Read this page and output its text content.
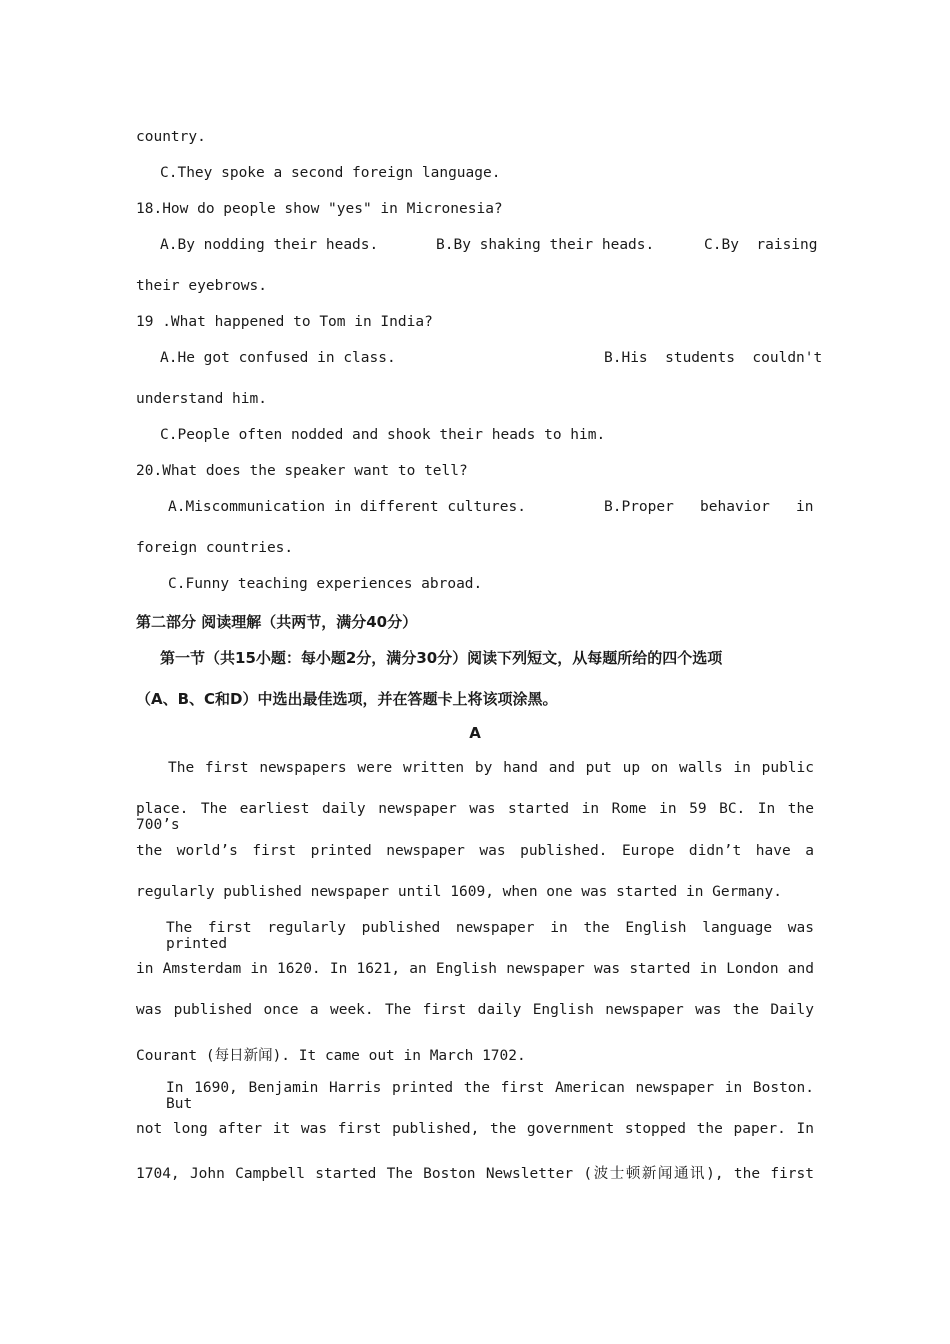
country.
C.They spoke a second foreign language.
18.How do people show "yes" in Micronesia?
A.By nodding their heads.	B.By shaking their heads.	C.By  raising
their eyebrows.
19 .What happened to Tom in India?
A.He got confused in class.	B.His  students  couldn't
understand him.
C.People often nodded and shook their heads to him.
20.What does the speaker want to tell?
A.Miscommunication in different cultures.	B.Proper   behavior   in
foreign countries.
C.Funny teaching experiences abroad.
第二部分 阅读理解（共两节，满分40分）
第一节（共15小题：每小题2分，满分30分）阅读下列短文，从每题所给的四个选项
（A、B、C和D）中选出最佳选项，并在答题卡上将该项涂黑。
A
The first newspapers were written by hand and put up on walls in public
place. The earliest daily newspaper was started in Rome in 59 BC. In the 700’s
the world’s first printed newspaper was published. Europe didn’t have a
regularly published newspaper until 1609, when one was started in Germany.
The first regularly published newspaper in the English language was printed
in Amsterdam in 1620. In 1621, an English newspaper was started in London and
was published once a week. The first daily English newspaper was the Daily
Courant (每日新闻). It came out in March 1702.
In 1690, Benjamin Harris printed the first American newspaper in Boston. But
not long after it was first published, the government stopped the paper. In
1704, John Campbell started The Boston Newsletter (波士顿新闻通讯), the first
